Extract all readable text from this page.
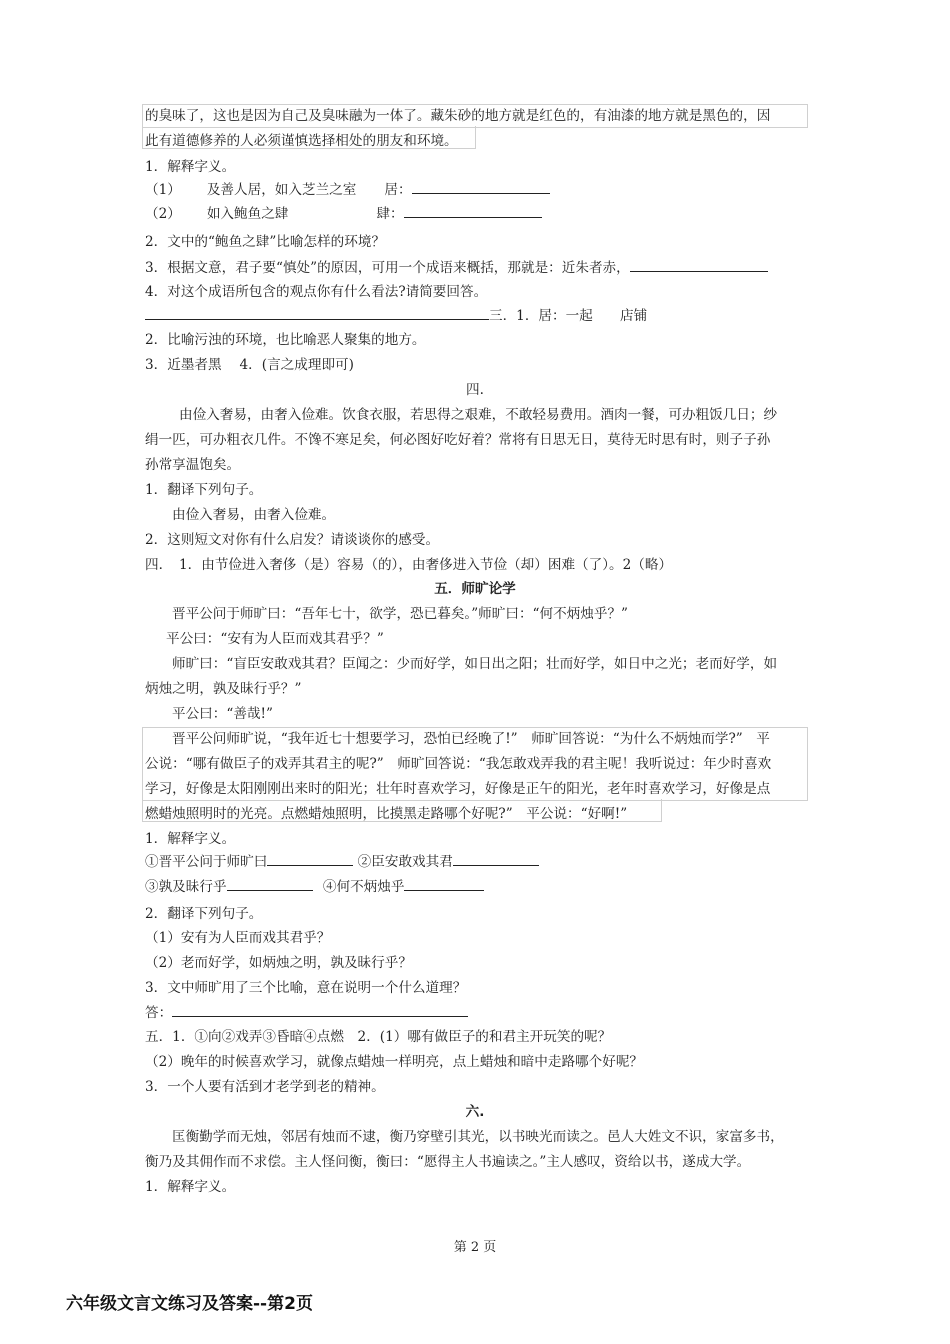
的臭味了，这也是因为自己及臭味融为一体了。藏朱砂的地方就是红色的，有油漆的地方就是黑色的，因
此有道德修养的人必须谨慎选择相处的朋友和环境。
1．解释字义。
（1） 及善人居，如入芝兰之室 居：
（2） 如入鲍鱼之肆	肆：
2．文中的“鲍鱼之肆”比喻怎样的环境？
3．根据文意，君子要“慎处”的原因，可用一个成语来概括，那就是：近朱者赤，
4．对这个成语所包含的观点你有什么看法?请简要回答。
三．1．居：一起　　店铺
2．比喻污浊的环境，也比喻恶人聚集的地方。
3．近墨者黑　 4．(言之成理即可)
四.
由俭入奢易，由奢入俭难。饮食衣服，若思得之艰难，不敢轻易费用。酒肉一餐，可办粗饭几日；纱
绢一匹，可办粗衣几件。不馋不寒足矣，何必图好吃好着？常将有日思无日，莫待无时思有时，则子子孙
孙常享温饱矣。
1．翻译下列句子。
由俭入奢易，由奢入俭难。
2．这则短文对你有什么启发？请谈谈你的感受。
四．　1．由节俭进入奢侈（是）容易（的），由奢侈进入节俭（却）困难（了）。2（略）
五．师旷论学
晋平公问于师旷曰：“吾年七十，欲学，恐已暮矣。”师旷曰：“何不炳烛乎？”
平公曰：“安有为人臣而戏其君乎？”
师旷曰：“盲臣安敢戏其君？臣闻之：少而好学，如日出之阳；壮而好学，如日中之光；老而好学，如
炳烛之明，孰及昧行乎？”
平公曰：“善哉!”
晋平公问师旷说，“我年近七十想要学习，恐怕已经晚了!”　师旷回答说：“为什么不炳烛而学?”　平
公说：“哪有做臣子的戏弄其君主的呢?”　师旷回答说：“我怎敢戏弄我的君主呢！我听说过：年少时喜欢
学习，好像是太阳刚刚出来时的阳光；壮年时喜欢学习，好像是正午的阳光，老年时喜欢学习，好像是点
燃蜡烛照明时的光亮。点燃蜡烛照明，比摸黑走路哪个好呢?”　平公说：“好啊!”
1．解释字义。
①晋平公问于师旷曰	②臣安敢戏其君
③孰及昧行乎	④何不炳烛乎
2．翻译下列句子。
（1）安有为人臣而戏其君乎？
（2）老而好学，如炳烛之明，孰及昧行乎？
3．文中师旷用了三个比喻，意在说明一个什么道理？
答：
五．1．①向②戏弄③昏暗④点燃　2．(1）哪有做臣子的和君主开玩笑的呢？
（2）晚年的时候喜欢学习，就像点蜡烛一样明亮，点上蜡烛和暗中走路哪个好呢？
3．一个人要有活到才老学到老的精神。
六.
匡衡勤学而无烛，邻居有烛而不逮，衡乃穿壁引其光，以书映光而读之。邑人大姓文不识，家富多书，
衡乃及其佣作而不求偿。主人怪问衡，衡曰：“愿得主人书遍读之。”主人感叹，资给以书，遂成大学。
1．解释字义。
第 2 页
六年级文言文练习及答案--第2页
